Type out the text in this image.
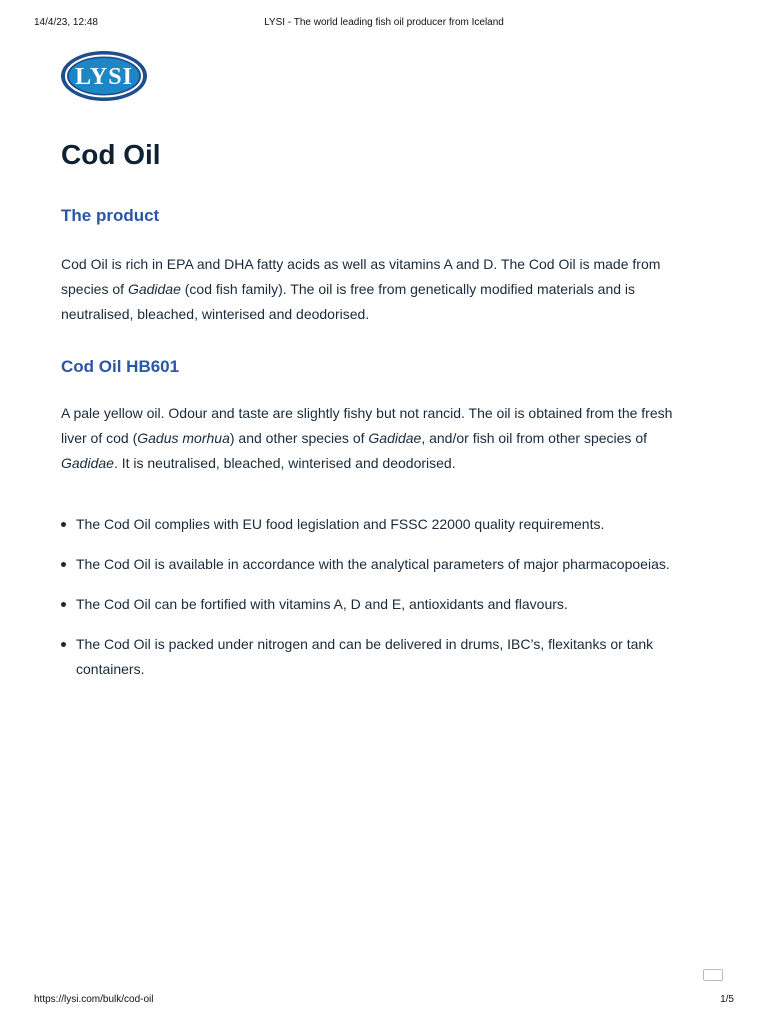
14/4/23, 12:48	LYSI - The world leading fish oil producer from Iceland
LYSI
Cod Oil
The product

Cod Oil is rich in EPA and DHA fatty acids as well as vitamins A and D. The Cod Oil is made from species of Gadidae (cod fish family). The oil is free from genetically modified materials and is neutralised, bleached, winterised and deodorised.

Cod Oil HB601

A pale yellow oil. Odour and taste are slightly fishy but not rancid. The oil is obtained from the fresh liver of cod (Gadus morhua) and other species of Gadidae, and/or fish oil from other species of Gadidae. It is neutralised, bleached, winterised and deodorised.

The Cod Oil complies with EU food legislation and FSSC 22000 quality requirements.
The Cod Oil is available in accordance with the analytical parameters of major pharmacopoeias.
The Cod Oil can be fortified with vitamins A, D and E, antioxidants and flavours.
The Cod Oil is packed under nitrogen and can be delivered in drums, IBC’s, flexitanks or tank containers.
https://lysi.com/bulk/cod-oil	1/5
